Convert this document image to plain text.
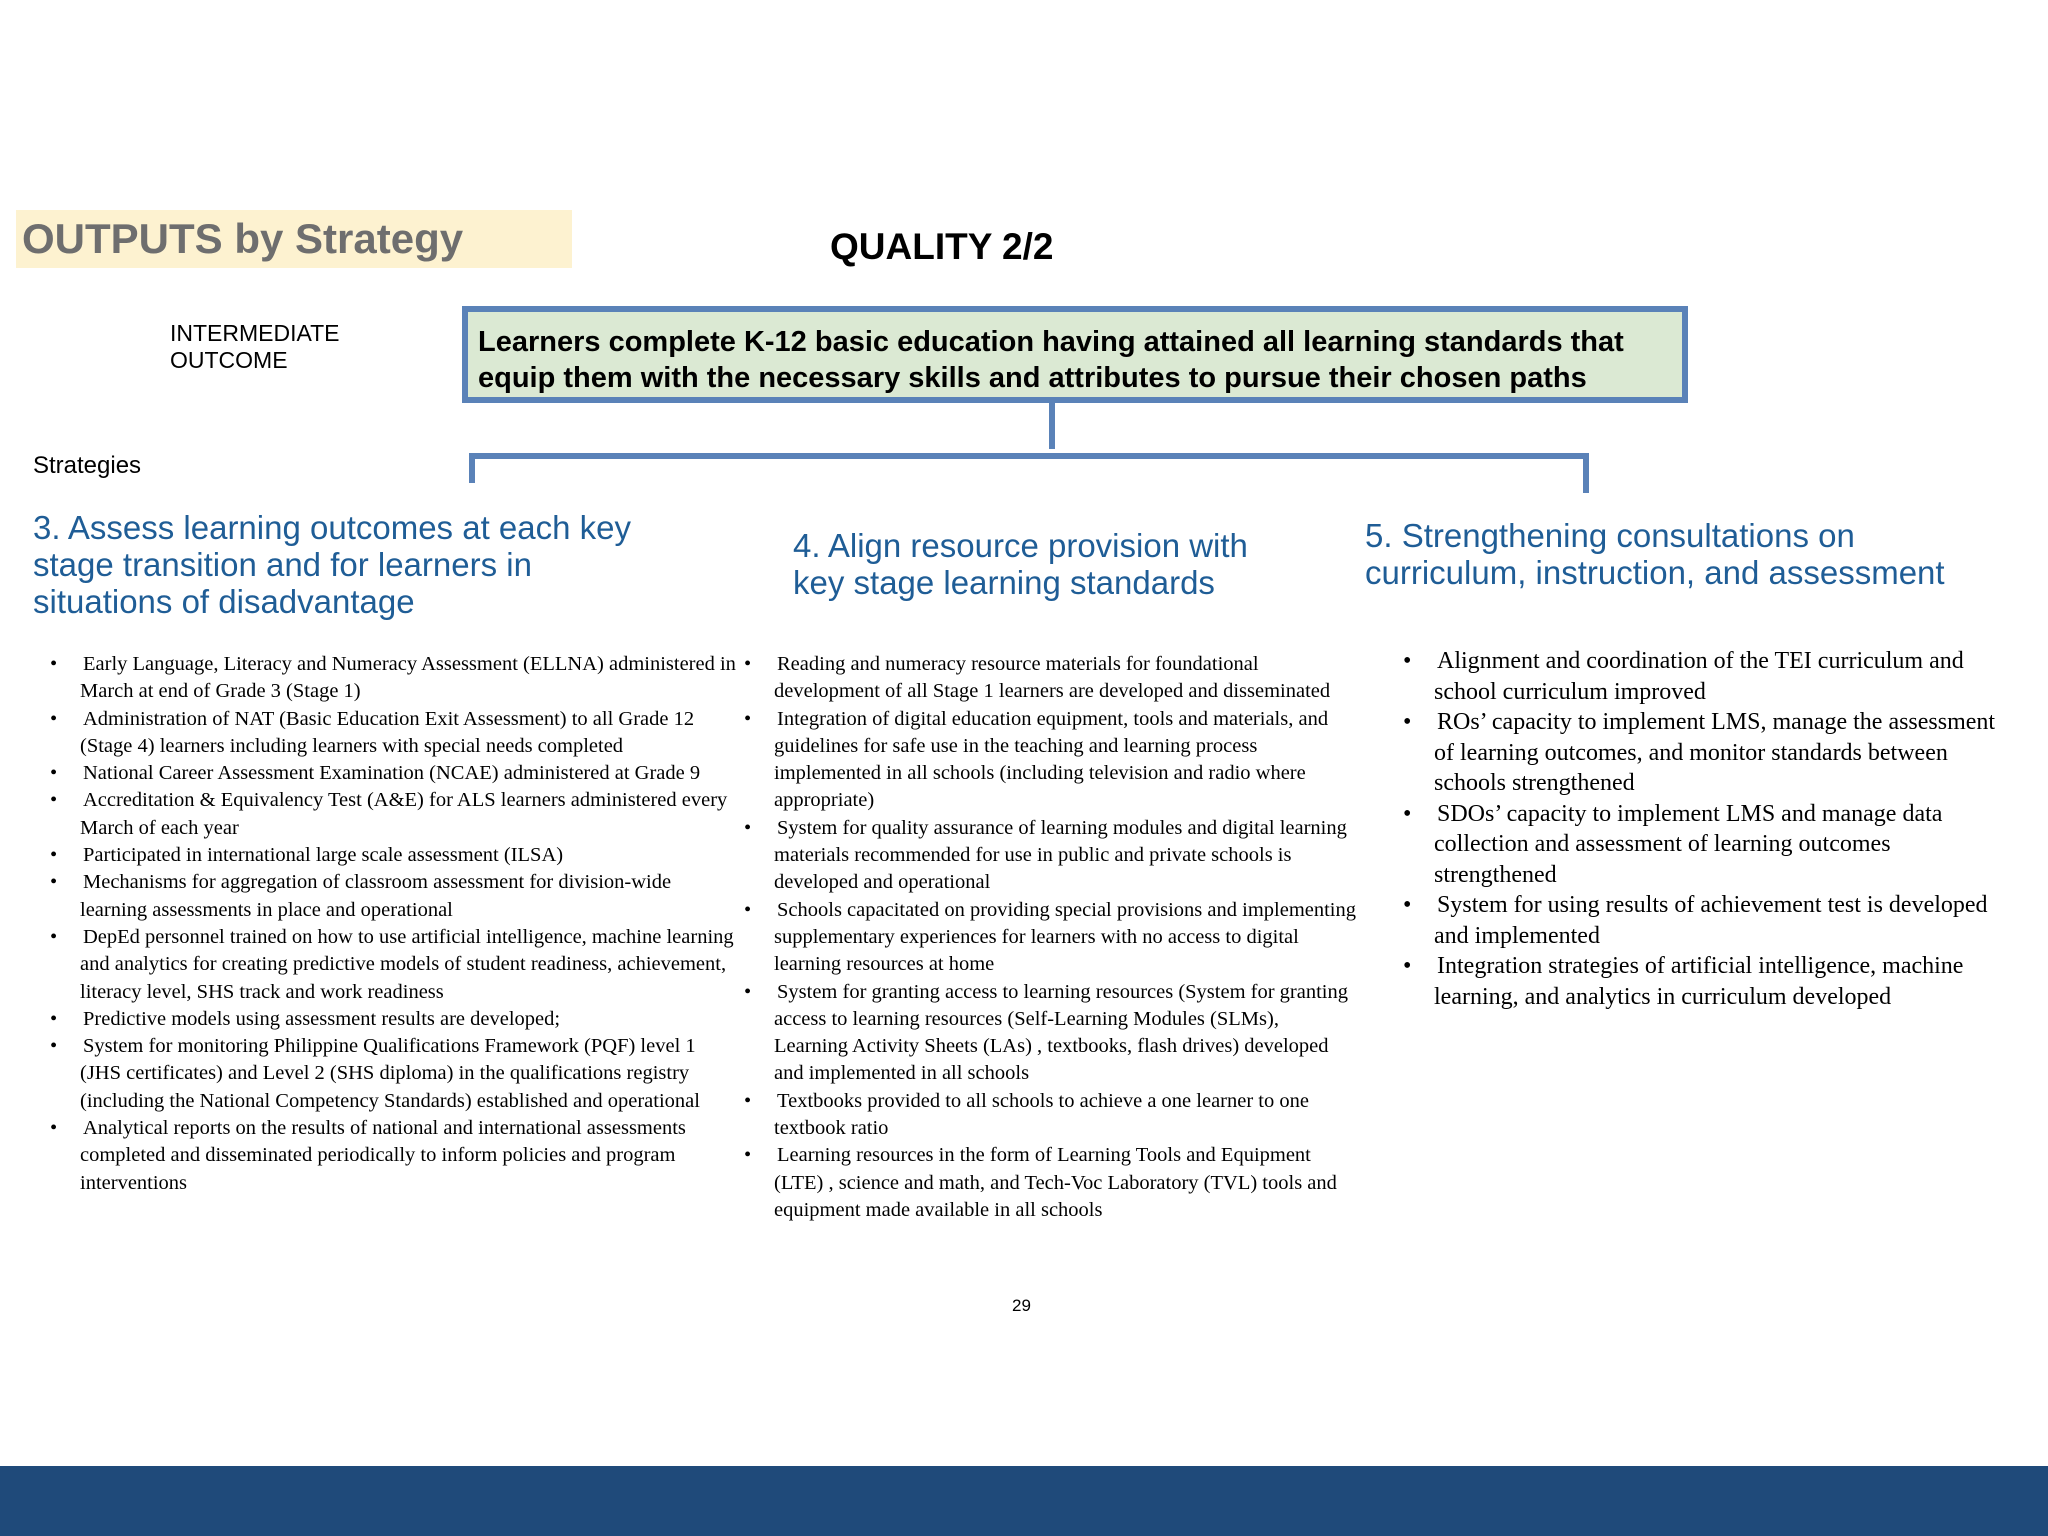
OUTPUTS by Strategy	QUALITY 2/2
INTERMEDIATE
OUTCOME
Learners complete K-12 basic education having attained all learning standards that equip them with the necessary skills and attributes to pursue their chosen paths
Strategies
3. Assess learning outcomes at each key
stage transition and for learners in
situations of disadvantage
• Early Language, Literacy and Numeracy Assessment (ELLNA) administered in March at end of Grade 3 (Stage 1)
• Administration of NAT (Basic Education Exit Assessment) to all Grade 12 (Stage 4) learners including learners with special needs completed
• National Career Assessment Examination (NCAE) administered at Grade 9
• Accreditation & Equivalency Test (A&E) for ALS learners administered every March of each year
• Participated in international large scale assessment (ILSA)
• Mechanisms for aggregation of classroom assessment for division-wide learning assessments in place and operational
• DepEd personnel trained on how to use artificial intelligence, machine learning and analytics for creating predictive models of student readiness, achievement, literacy level, SHS track and work readiness
• Predictive models using assessment results are developed;
• System for monitoring Philippine Qualifications Framework (PQF) level 1 (JHS certificates) and Level 2 (SHS diploma) in the qualifications registry (including the National Competency Standards) established and operational
• Analytical reports on the results of national and international assessments completed and disseminated periodically to inform policies and program interventions
4. Align resource provision with
key stage learning standards
• Reading and numeracy resource materials for foundational development of all Stage 1 learners are developed and disseminated
• Integration of digital education equipment, tools and materials, and guidelines for safe use in the teaching and learning process implemented in all schools (including television and radio where appropriate)
• System for quality assurance of learning modules and digital learning materials recommended for use in public and private schools is developed and operational
• Schools capacitated on providing special provisions and implementing supplementary experiences for learners with no access to digital learning resources at home
• System for granting access to learning resources (System for granting access to learning resources (Self-Learning Modules (SLMs), Learning Activity Sheets (LAs) , textbooks, flash drives) developed and implemented in all schools
• Textbooks provided to all schools to achieve a one learner to one textbook ratio
• Learning resources in the form of Learning Tools and Equipment (LTE) , science and math, and Tech-Voc Laboratory (TVL) tools and equipment made available in all schools
5. Strengthening consultations on
curriculum, instruction, and assessment
• Alignment and coordination of the TEI curriculum and school curriculum improved
• ROs’ capacity to implement LMS, manage the assessment of learning outcomes, and monitor standards between schools strengthened
• SDOs’ capacity to implement LMS and manage data collection and assessment of learning outcomes strengthened
• System for using results of achievement test is developed and implemented
• Integration strategies of artificial intelligence, machine learning, and analytics in curriculum developed
29
